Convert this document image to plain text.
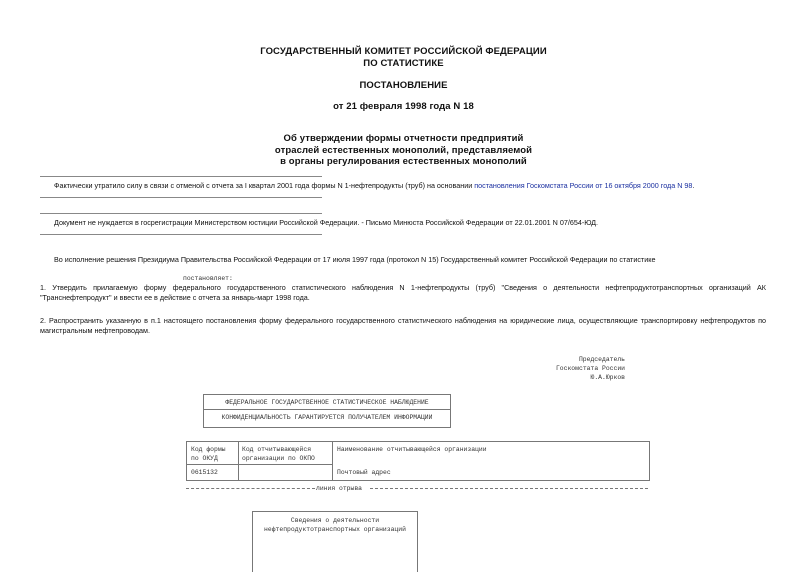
ГОСУДАРСТВЕННЫЙ КОМИТЕТ РОССИЙСКОЙ ФЕДЕРАЦИИ
ПО СТАТИСТИКЕ
ПОСТАНОВЛЕНИЕ
от 21 февраля 1998 года N 18
Об утверждении формы отчетности предприятий
отраслей естественных монополий, представляемой
в органы регулирования естественных монополий
Фактически утратило силу в связи с отменой с отчета за I квартал 2001 года формы N 1-нефтепродукты (труб) на основании постановления Госкомстата России от 16 октября 2000 года N 98.
Документ не нуждается в госрегистрации Министерством юстиции Российской Федерации. - Письмо Минюста Российской Федерации от 22.01.2001 N 07/654-ЮД.
Во исполнение решения Президиума Правительства Российской Федерации от 17 июля 1997 года (протокол N 15) Государственный комитет Российской Федерации по статистике
постановляет:
1. Утвердить прилагаемую форму федерального государственного статистического наблюдения N 1-нефтепродукты (труб) "Сведения о деятельности нефтепродуктотранспортных организаций АК "Транснефтепродукт" и ввести ее в действие с отчета за январь-март 1998 года.
2. Распространить указанную в п.1 настоящего постановления форму федерального государственного статистического наблюдения на юридические лица, осуществляющие транспортировку нефтепродуктов по магистральным нефтепроводам.
Председатель
Госкомстата России
Ю.А.Юрков
ФЕДЕРАЛЬНОЕ ГОСУДАРСТВЕННОЕ СТАТИСТИЧЕСКОЕ НАБЛЮДЕНИЕ
КОНФИДЕНЦИАЛЬНОСТЬ ГАРАНТИРУЕТСЯ ПОЛУЧАТЕЛЕМ ИНФОРМАЦИИ
Код формы
по ОКУД
Код отчитывающейся
организации по ОКПО
Наименование отчитывающейся организации
0615132	Почтовый адрес
линия отрыва
Сведения о деятельности
нефтепродуктотранспортных организаций
